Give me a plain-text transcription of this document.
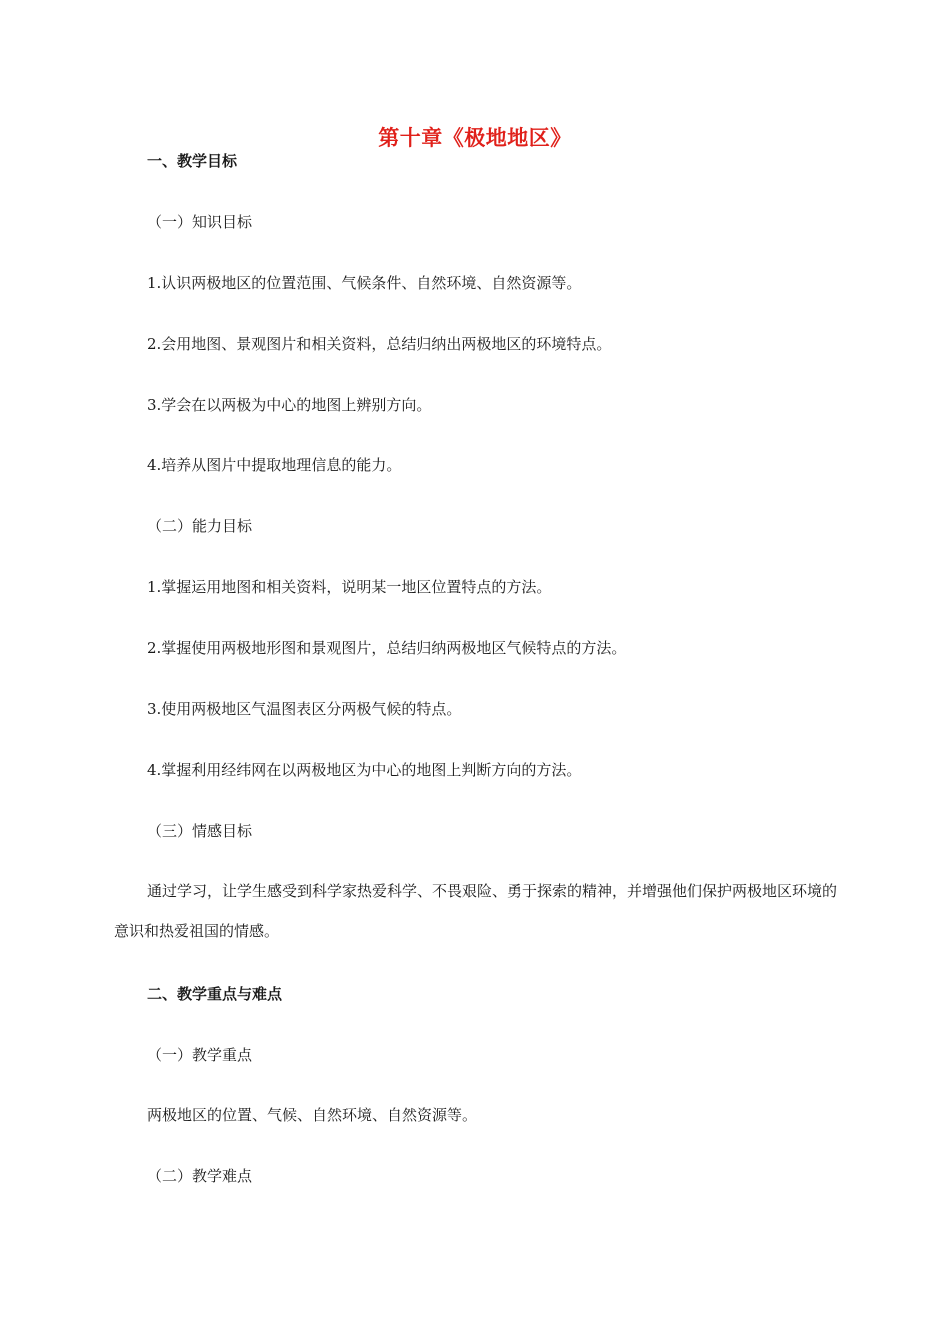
第十章《极地地区》
一、教学目标
（一）知识目标
1.认识两极地区的位置范围、气候条件、自然环境、自然资源等。
2.会用地图、景观图片和相关资料，总结归纳出两极地区的环境特点。
3.学会在以两极为中心的地图上辨别方向。
4.培养从图片中提取地理信息的能力。
（二）能力目标
1.掌握运用地图和相关资料，说明某一地区位置特点的方法。
2.掌握使用两极地形图和景观图片，总结归纳两极地区气候特点的方法。
3.使用两极地区气温图表区分两极气候的特点。
4.掌握利用经纬网在以两极地区为中心的地图上判断方向的方法。
（三）情感目标
通过学习，让学生感受到科学家热爱科学、不畏艰险、勇于探索的精神，并增强他们保护两极地区环境的意识和热爱祖国的情感。
二、教学重点与难点
（一）教学重点
两极地区的位置、气候、自然环境、自然资源等。
（二）教学难点
